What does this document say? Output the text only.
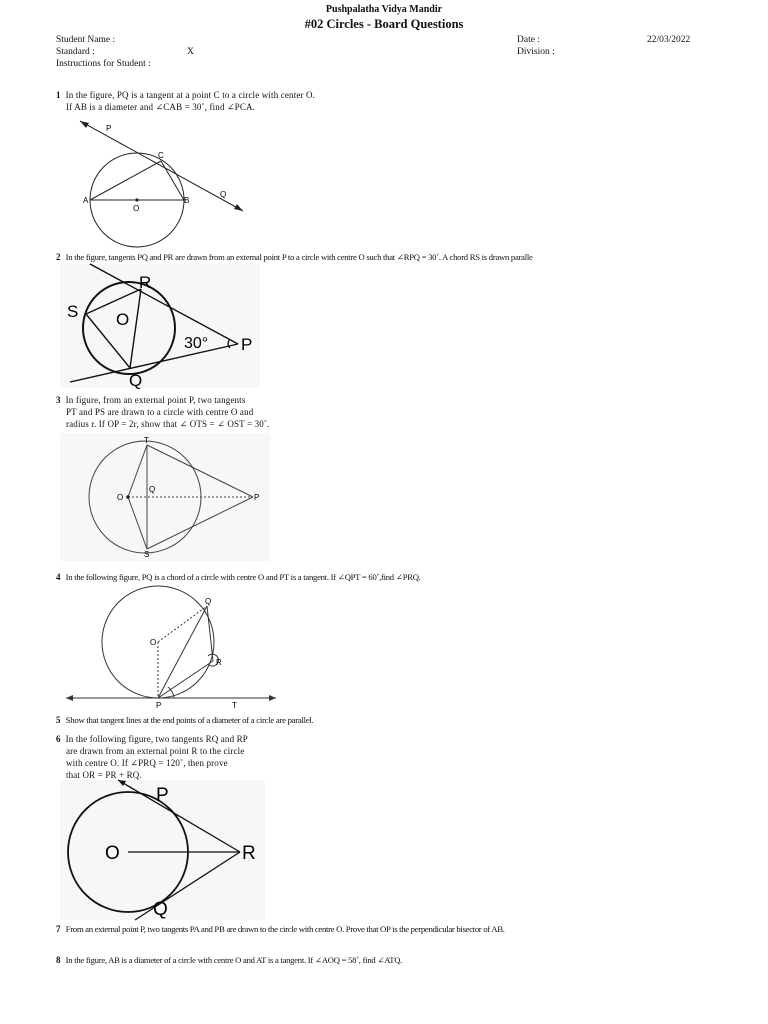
Pushpalatha Vidya Mandir
#02 Circles - Board Questions
Student Name :	Date :	22/03/2022
Standard :	X	Division :
Instructions for Student :
1 In the figure, PQ is a tangent at a point C to a circle with center O.
If AB is a diameter and ∠CAB = 30˚, find ∠PCA.
P
C
Q
A	B
O
2 In the figure, tangents PQ and PR are drawn from an external point P to a circle with centre O such that ∠RPQ = 30˚. A chord RS is drawn paralle
R
S O
30° P
Q
3 In figure, from an external point P, two tangents
PT and PS are drawn to a circle with centre O and
radius r. If OP = 2r, show that ∠ OTS = ∠ OST = 30˚.
T
Q
O	P
S
4 In the following figure, PQ is a chord of a circle with centre O and PT is a tangent. If ∠QPT = 60˚,find ∠PRQ.
Q
O
R
P	T
5 Show that tangent lines at the end points of a diameter of a circle are parallel.
6 In the following figure, two tangents RQ and RP
are drawn from an external point R to the circle
with centre O. If ∠PRQ = 120˚, then prove
that OR = PR + RQ.
P
O	R
Q
7 From an external point P, two tangents PA and PB are drawn to the circle with centre O. Prove that OP is the perpendicular bisector of AB.
8 In the figure, AB is a diameter of a circle with centre O and AT is a tangent. If ∠AOQ = 58˚, find ∠ATQ.
